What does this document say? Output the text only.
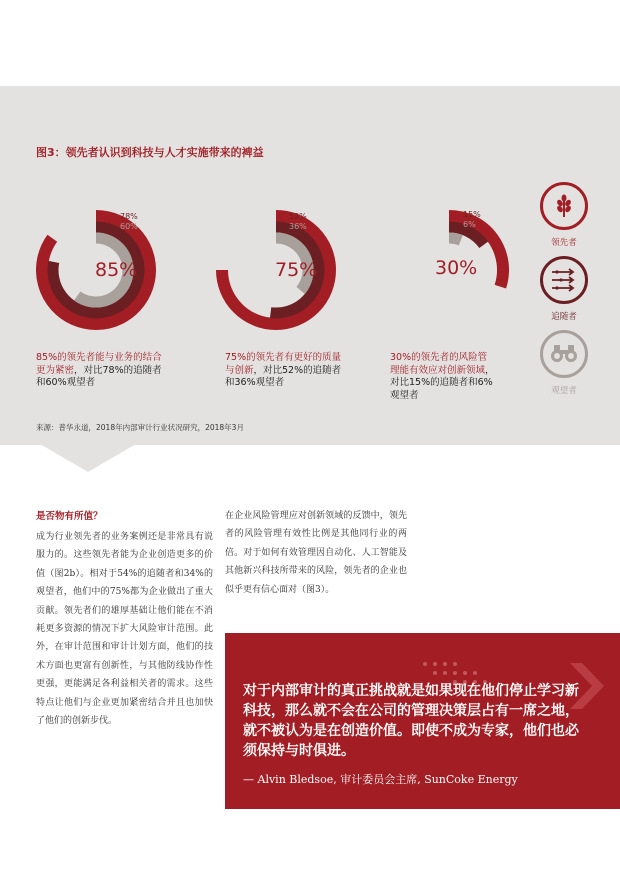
图3：领先者认识到科技与人才实施带来的裨益
85%
78%
60%
75%
52%
36%
30%
15%
6%
85%的领先者能与业务的结合
更为紧密，对比78%的追随者
和60%观望者
75%的领先者有更好的质量
与创新，对比52%的追随者
和36%观望者
30%的领先者的风险管
理能有效应对创新领域，
对比15%的追随者和6%
观望者
领先者
追随者
观望者
来源：普华永道，2018年内部审计行业状况研究，2018年3月
是否物有所值？
成为行业领先者的业务案例还是非常具有说服力的。这些领先者能为企业创造更多的价值（图2b）。相对于54%的追随者和34%的观望者，他们中的75%都为企业做出了重大贡献。领先者们的雄厚基础让他们能在不消耗更多资源的情况下扩大风险审计范围。此外，在审计范围和审计计划方面，他们的技术方面也更富有创新性，与其他防线协作性更强，更能满足各利益相关者的需求。这些特点让他们与企业更加紧密结合并且也加快了他们的创新步伐。
在企业风险管理应对创新领域的反馈中，领先者的风险管理有效性比例是其他同行业的两倍。对于如何有效管理因自动化、人工智能及其他新兴科技所带来的风险，领先者的企业也似乎更有信心面对（图3）。
对于内部审计的真正挑战就是如果现在他们停止学习新科技，那么就不会在公司的管理决策层占有一席之地，就不被认为是在创造价值。即使不成为专家，他们也必须保持与时俱进。
— Alvin Bledsoe, 审计委员会主席, SunCoke Energy
